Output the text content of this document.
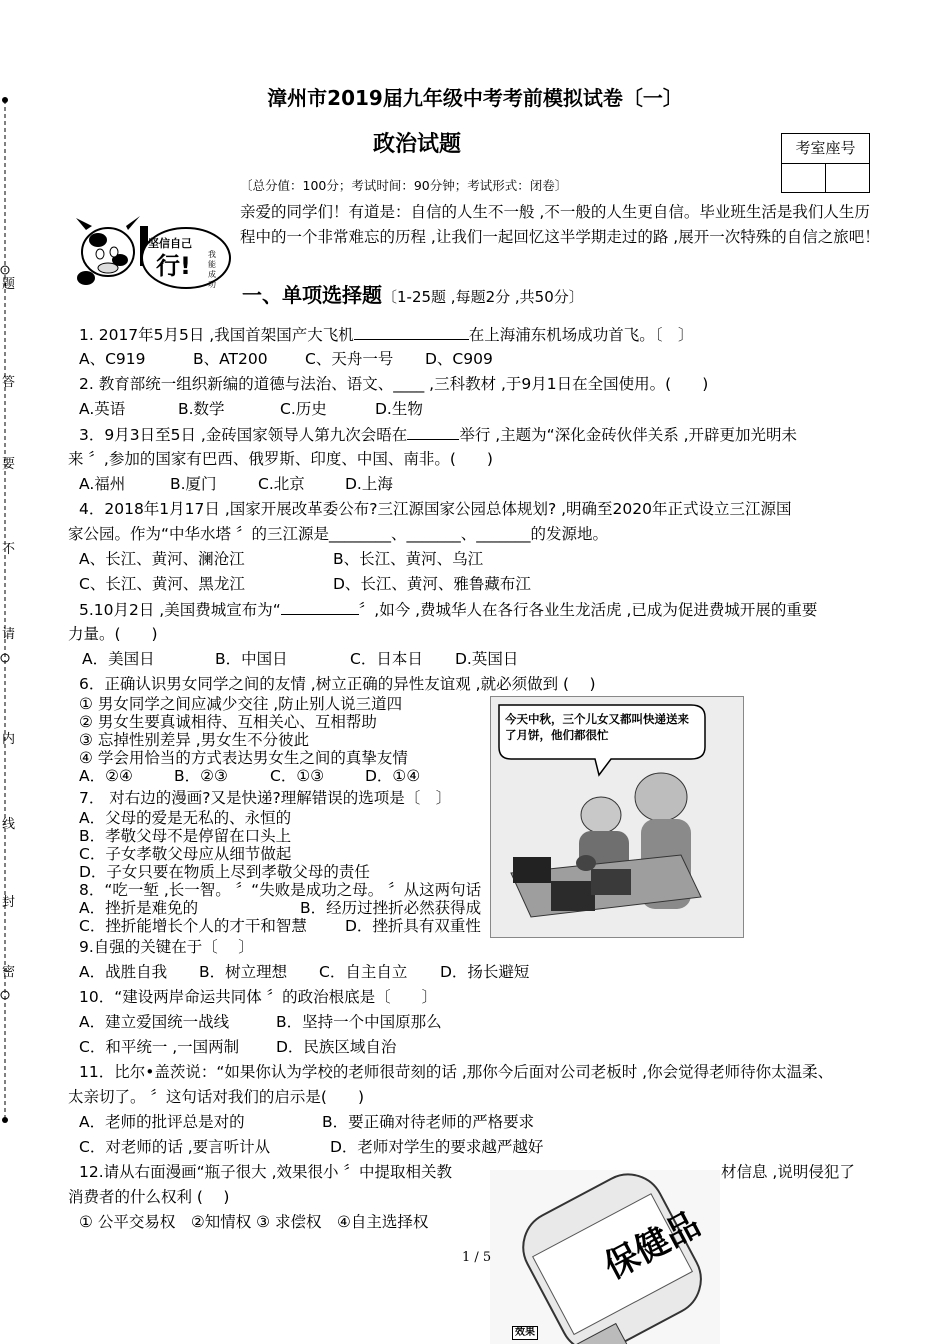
题
答
要
不
请
内
线
封
密
漳州市2019届九年级中考考前模拟试卷〔一〕
政治试题	考室座号
〔总分值：100分；考试时间：90分钟；考试形式：闭卷〕
坚信自己
行! 我能成功
亲爱的同学们！有道是：自信的人生不一般 ,不一般的人生更自信。毕业班生活是我们人生历程中的一个非常难忘的历程 ,让我们一起回忆这半学期走过的路 ,展开一次特殊的自信之旅吧！
一、单项选择题〔1-25题 ,每题2分 ,共50分〕
1. 2017年5月5日 ,我国首架国产大飞机	在上海浦东机场成功首飞。〔　〕
A、C919	B、AT200 C、天舟一号 D、C909
2. 教育部统一组织新编的道德与法治、语文、____ ,三科教材 ,于9月1日在全国使用。(　　)
A.英语	B.数学	C.历史	D.生物
3．9月3日至5日 ,金砖国家领导人第九次会晤在	举行 ,主题为“深化金砖伙伴关系 ,开辟更加光明未
来 〞,参加的国家有巴西、俄罗斯、印度、中国、南非。(　　)
A.福州	B.厦门	C.北京	D.上海
4．2018年1月17日 ,国家开展改革委公布?三江源国家公园总体规划? ,明确至2020年正式设立三江源国
家公园。作为“中华水塔 〞的三江源是________、_______、_______的发源地。
A、长江、黄河、澜沧江	B、长江、黄河、乌江
C、长江、黄河、黑龙江	D、长江、黄河、雅鲁藏布江
5.10月2日 ,美国费城宣布为“	〞,如今 ,费城华人在各行各业生龙活虎 ,已成为促进费城开展的重要
力量。(　　)
A．美国日	B．中国日	C．日本日 D.英国日
6．正确认识男女同学之间的友情 ,树立正确的异性友谊观 ,就必须做到 (　 )
① 男女同学之间应减少交往 ,防止别人说三道四
② 男女生要真诚相待、互相关心、互相帮助
③ 忘掉性别差异 ,男女生不分彼此
④ 学会用恰当的方式表达男女生之间的真挚友情
A．②④	B．②③	C．①③	D．①④
7． 对右边的漫画?又是快递?理解错误的选项是〔　〕
A．父母的爱是无私的、永恒的
B．孝敬父母不是停留在口头上
C．子女孝敬父母应从细节做起
D．子女只要在物质上尽到孝敬父母的责任
8．“吃一堑 ,长一智。 〞“失败是成功之母。 〞从这两句话
A．挫折是难免的	B．经历过挫折必然获得成
C．挫折能增长个人的才干和智慧 D．挫折具有双重性
今天中秋，三个儿女又都叫快递送来了月饼，他们都很忙
9.自强的关键在于〔　 〕
A．战胜自我 B．树立理想 C．自主自立 D．扬长避短
10．“建设两岸命运共同体 〞的政治根底是〔　　〕
A．建立爱国统一战线	B．坚持一个中国原那么
C．和平统一 ,一国两制 D．民族区域自治
11．比尔•盖茨说：“如果你认为学校的老师很苛刻的话 ,那你今后面对公司老板时 ,你会觉得老师待你太温柔、
太亲切了。 〞这句话对我们的启示是(　　)
A．老师的批评总是对的	B．要正确对待老师的严格要求
C．对老师的话 ,要言听计从	D．老师对学生的要求越严越好
12.请从右面漫画“瓶子很大 ,效果很小 〞中提取相关教	材信息 ,说明侵犯了
消费者的什么权利 (　 )
① 公平交易权　②知情权 ③ 求偿权　④自主选择权	保健品
效果
1 / 5
